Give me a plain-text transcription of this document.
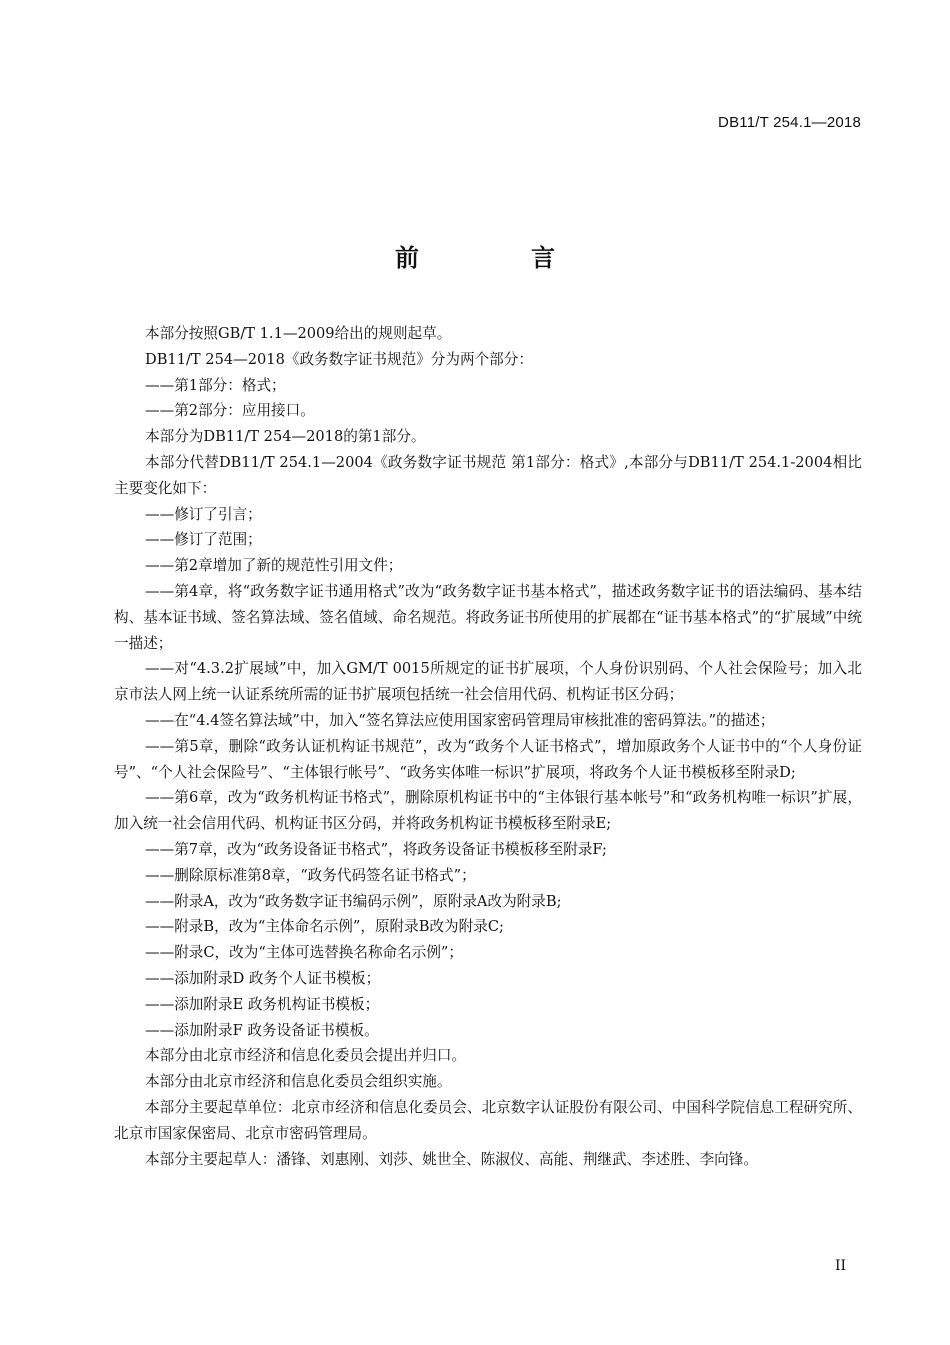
DB11/T 254.1—2018
前　言

本部分按照GB/T 1.1—2009给出的规则起草。

DB11/T 254—2018《政务数字证书规范》分为两个部分：

——第1部分：格式；

——第2部分：应用接口。

本部分为DB11/T 254—2018的第1部分。

本部分代替DB11/T 254.1—2004《政务数字证书规范 第1部分：格式》,本部分与DB11/T 254.1-2004相比主要变化如下：

——修订了引言；

——修订了范围；

——第2章增加了新的规范性引用文件；

——第4章，将“政务数字证书通用格式”改为“政务数字证书基本格式”，描述政务数字证书的语法编码、基本结构、基本证书域、签名算法域、签名值域、命名规范。将政务证书所使用的扩展都在“证书基本格式”的“扩展域”中统一描述；

——对“4.3.2扩展域”中，加入GM/T 0015所规定的证书扩展项，个人身份识别码、个人社会保险号；加入北京市法人网上统一认证系统所需的证书扩展项包括统一社会信用代码、机构证书区分码；

——在“4.4签名算法域”中，加入“签名算法应使用国家密码管理局审核批准的密码算法。”的描述；

——第5章，删除“政务认证机构证书规范”，改为“政务个人证书格式”，增加原政务个人证书中的“个人身份证号”、“个人社会保险号”、“主体银行帐号”、“政务实体唯一标识”扩展项，将政务个人证书模板移至附录D;

——第6章，改为“政务机构证书格式”，删除原机构证书中的“主体银行基本帐号”和“政务机构唯一标识”扩展，加入统一社会信用代码、机构证书区分码，并将政务机构证书模板移至附录E;

——第7章，改为“政务设备证书格式”，将政务设备证书模板移至附录F;

——删除原标准第8章，“政务代码签名证书格式”；

——附录A，改为“政务数字证书编码示例”，原附录A改为附录B;

——附录B，改为“主体命名示例”，原附录B改为附录C;

——附录C，改为“主体可选替换名称命名示例”；

——添加附录D 政务个人证书模板；

——添加附录E 政务机构证书模板；

——添加附录F 政务设备证书模板。

本部分由北京市经济和信息化委员会提出并归口。

本部分由北京市经济和信息化委员会组织实施。

本部分主要起草单位：北京市经济和信息化委员会、北京数字认证股份有限公司、中国科学院信息工程研究所、北京市国家保密局、北京市密码管理局。

本部分主要起草人：潘锋、刘惠刚、刘莎、姚世全、陈淑仪、高能、荆继武、李述胜、李向锋。

II
